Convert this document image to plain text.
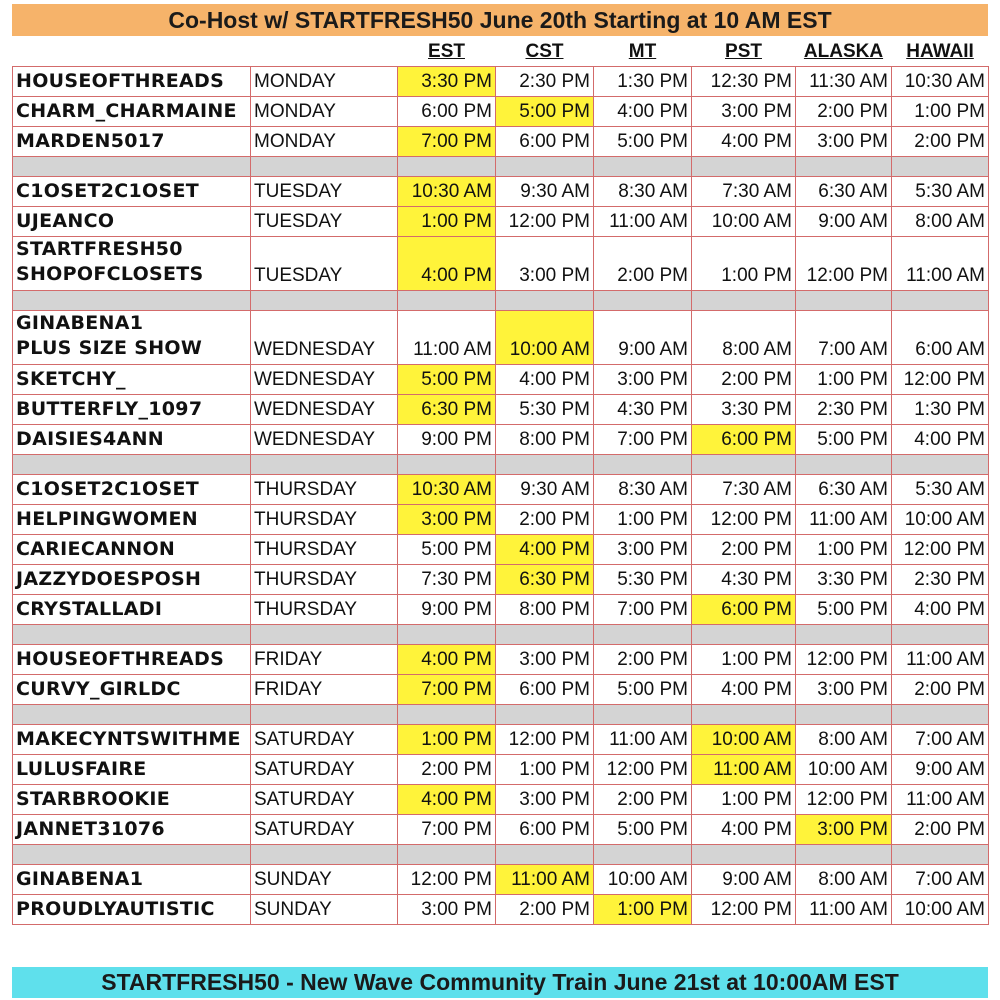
Co-Host w/ STARTFRESH50 June 20th Starting at 10 AM EST
		EST	CST	MT	PST	ALASKA	HAWAII

HOUSEOFTHREADS	MONDAY	3:30 PM	2:30 PM	1:30 PM	12:30 PM	11:30 AM	10:30 AM

CHARM_CHARMAINE	MONDAY	6:00 PM	5:00 PM	4:00 PM	3:00 PM	2:00 PM	1:00 PM

MARDEN5017	MONDAY	7:00 PM	6:00 PM	5:00 PM	4:00 PM	3:00 PM	2:00 PM

C1OSET2C1OSET	TUESDAY	10:30 AM	9:30 AM	8:30 AM	7:30 AM	6:30 AM	5:30 AM

UJEANCO	TUESDAY	1:00 PM	12:00 PM	11:00 AM	10:00 AM	9:00 AM	8:00 AM

STARTFRESH50
SHOPOFCLOSETS	TUESDAY	4:00 PM	3:00 PM	2:00 PM	1:00 PM	12:00 PM	11:00 AM

GINABENA1
PLUS SIZE SHOW	WEDNESDAY	11:00 AM	10:00 AM	9:00 AM	8:00 AM	7:00 AM	6:00 AM

SKETCHY_	WEDNESDAY	5:00 PM	4:00 PM	3:00 PM	2:00 PM	1:00 PM	12:00 PM

BUTTERFLY_1097	WEDNESDAY	6:30 PM	5:30 PM	4:30 PM	3:30 PM	2:30 PM	1:30 PM

DAISIES4ANN	WEDNESDAY	9:00 PM	8:00 PM	7:00 PM	6:00 PM	5:00 PM	4:00 PM

C1OSET2C1OSET	THURSDAY	10:30 AM	9:30 AM	8:30 AM	7:30 AM	6:30 AM	5:30 AM

HELPINGWOMEN	THURSDAY	3:00 PM	2:00 PM	1:00 PM	12:00 PM	11:00 AM	10:00 AM

CARIECANNON	THURSDAY	5:00 PM	4:00 PM	3:00 PM	2:00 PM	1:00 PM	12:00 PM

JAZZYDOESPOSH	THURSDAY	7:30 PM	6:30 PM	5:30 PM	4:30 PM	3:30 PM	2:30 PM

CRYSTALLADI	THURSDAY	9:00 PM	8:00 PM	7:00 PM	6:00 PM	5:00 PM	4:00 PM

HOUSEOFTHREADS	FRIDAY	4:00 PM	3:00 PM	2:00 PM	1:00 PM	12:00 PM	11:00 AM

CURVY_GIRLDC	FRIDAY	7:00 PM	6:00 PM	5:00 PM	4:00 PM	3:00 PM	2:00 PM

MAKECYNTSWITHME	SATURDAY	1:00 PM	12:00 PM	11:00 AM	10:00 AM	8:00 AM	7:00 AM

LULUSFAIRE	SATURDAY	2:00 PM	1:00 PM	12:00 PM	11:00 AM	10:00 AM	9:00 AM

STARBROOKIE	SATURDAY	4:00 PM	3:00 PM	2:00 PM	1:00 PM	12:00 PM	11:00 AM

JANNET31076	SATURDAY	7:00 PM	6:00 PM	5:00 PM	4:00 PM	3:00 PM	2:00 PM

GINABENA1	SUNDAY	12:00 PM	11:00 AM	10:00 AM	9:00 AM	8:00 AM	7:00 AM

PROUDLYAUTISTIC	SUNDAY	3:00 PM	2:00 PM	1:00 PM	12:00 PM	11:00 AM	10:00 AM
STARTFRESH50 - New Wave Community Train June 21st at 10:00AM EST
